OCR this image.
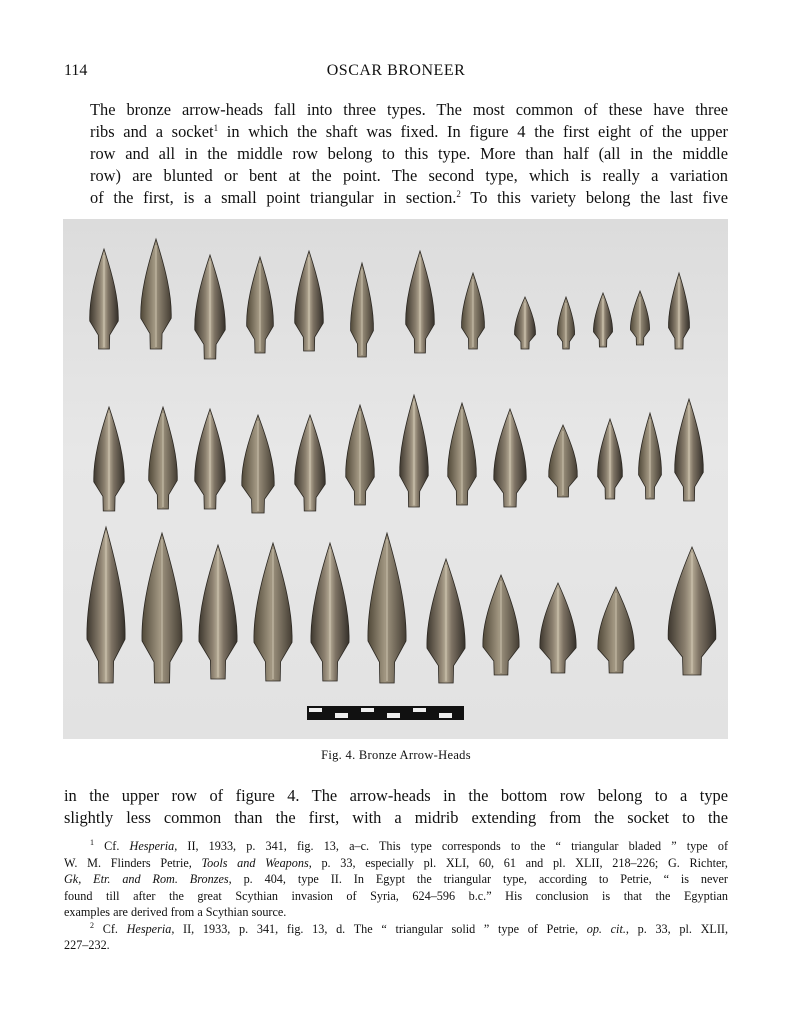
114	OSCAR BRONEER

The bronze arrow-heads fall into three types. The most common of these have three
ribs and a socket$^1$ in which the shaft was fixed. In figure 4 the first eight of the upper
row and all in the middle row belong to this type. More than half (all in the middle
row) are blunted or bent at the point. The second type, which is really a variation
of the first, is a small point triangular in section.$^2$ To this variety belong the last five

Fig. 4. Bronze Arrow-Heads

in the upper row of figure 4. The arrow-heads in the bottom row belong to a type
slightly less common than the first, with a midrib extending from the socket to the

$^1$ Cf. Hesperia, II, 1933, p. 341, fig. 13, a–c. This type corresponds to the “ triangular bladed ” type of
W. M. Flinders Petrie, Tools and Weapons, p. 33, especially pl. XLI, 60, 61 and pl. XLII, 218–226; G. Richter,
Gk, Etr. and Rom. Bronzes, p. 404, type II. In Egypt the triangular type, according to Petrie, “ is never
found till after the great Scythian invasion of Syria, 624–596 b.c.” His conclusion is that the Egyptian
examples are derived from a Scythian source.
$^2$ Cf. Hesperia, II, 1933, p. 341, fig. 13, d. The “ triangular solid ” type of Petrie, op. cit., p. 33, pl. XLII,
227–232.
